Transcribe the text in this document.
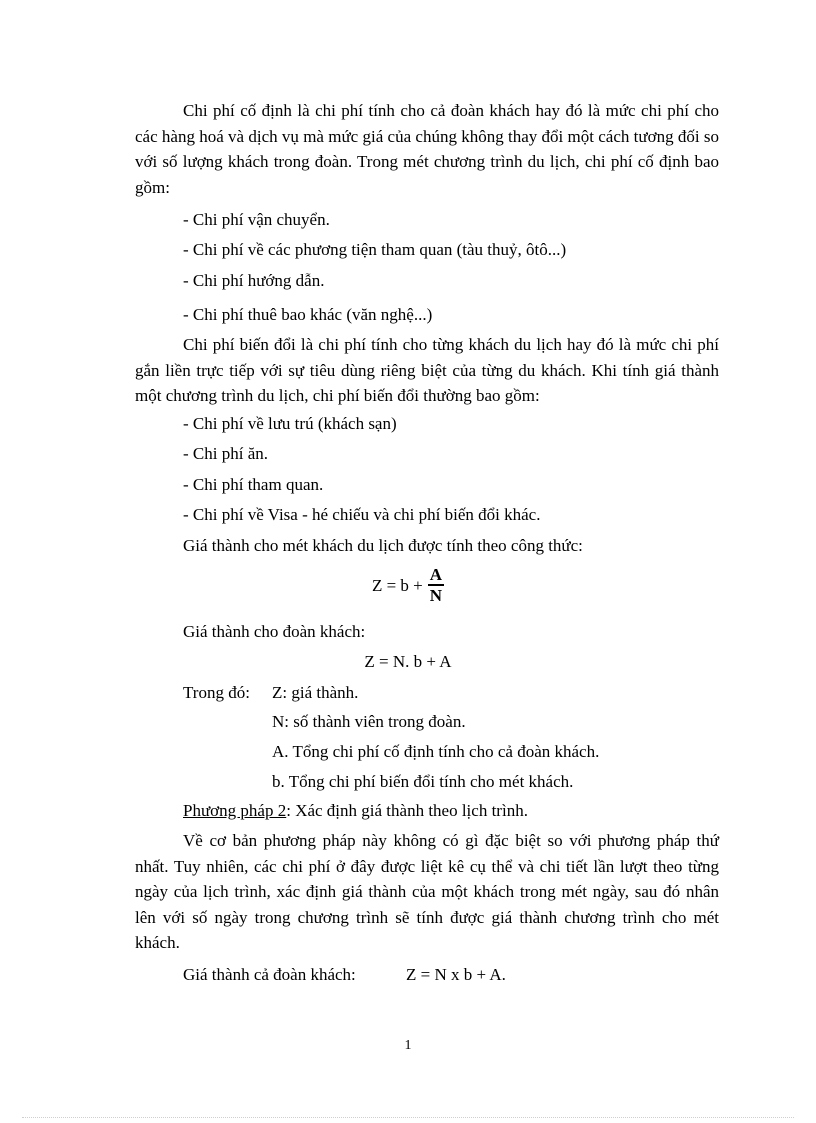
Chi phí cố định là chi phí tính cho cả đoàn khách hay đó là mức chi phí cho các hàng hoá và dịch vụ mà mức giá của chúng không thay đổi một cách tương đối so với số lượng khách trong đoàn. Trong mét chương trình du lịch, chi phí cố định bao gồm:

- Chi phí vận chuyển.

- Chi phí về các phương tiện tham quan (tàu thuỷ, ôtô...)

- Chi phí hướng dẫn.

- Chi phí thuê bao khác (văn nghệ...)

Chi phí biến đổi là chi phí tính cho từng khách du lịch hay đó là mức chi phí gắn liền trực tiếp với sự tiêu dùng riêng biệt của từng du khách. Khi tính giá thành một chương trình du lịch, chi phí biến đổi thường bao gồm:

- Chi phí về lưu trú (khách sạn)

- Chi phí ăn.

- Chi phí tham quan.

- Chi phí về Visa - hé chiếu và chi phí biến đổi khác.

Giá thành cho mét khách du lịch được tính theo công thức:

$Z = b + \frac{A}{N}$

Giá thành cho đoàn khách:

Z = N. b + A

Trong đó: Z: giá thành.

N: số thành viên trong đoàn.

A. Tổng chi phí cố định tính cho cả đoàn khách.

b. Tổng chi phí biến đổi tính cho mét khách.

Phương pháp 2: Xác định giá thành theo lịch trình.

Về cơ bản phương pháp này không có gì đặc biệt so với phương pháp thứ nhất. Tuy nhiên, các chi phí ở đây được liệt kê cụ thể và chi tiết lần lượt theo từng ngày của lịch trình, xác định giá thành của một khách trong mét ngày, sau đó nhân lên với số ngày trong chương trình sẽ tính được giá thành chương trình cho mét khách.

Giá thành cả đoàn khách:	Z = N x b + A.

1
